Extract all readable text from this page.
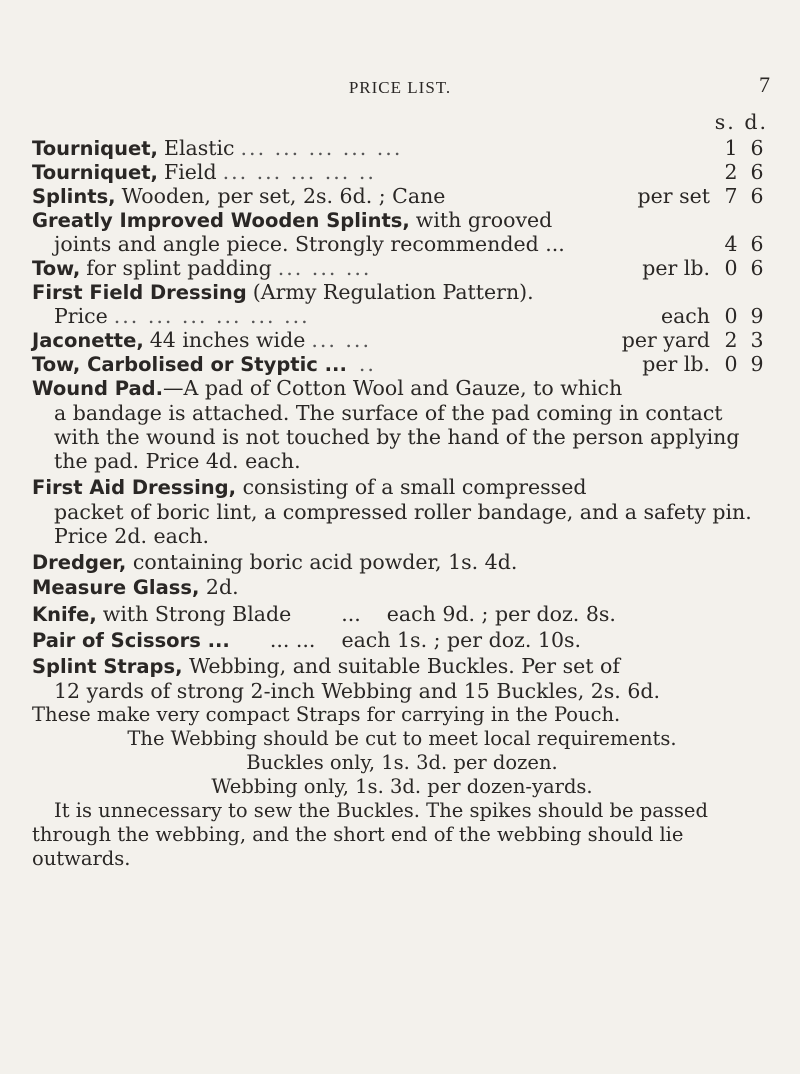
PRICE LIST.	7
s. d.
Tourniquet, Elastic ... ... ... ... ...	1 6
Tourniquet, Field ... ... ... ... ..	2 6
Splints, Wooden, per set, 2s. 6d. ; Cane	per set 7 6
Greatly Improved Wooden Splints, with grooved
joints and angle piece. Strongly recommended ...	4 6
Tow, for splint padding ... ... ...	per lb. 0 6
First Field Dressing (Army Regulation Pattern).
Price ... ... ... ... ... ...	each 0 9
Jaconette, 44 inches wide ... ...	per yard 2 3
Tow, Carbolised or Styptic ... ..	per lb. 0 9

Wound Pad.—A pad of Cotton Wool and Gauze, to which
a bandage is attached. The surface of the pad coming in contact with the wound is not touched by the hand of the person applying the pad. Price 4d. each.

First Aid Dressing, consisting of a small compressed
packet of boric lint, a compressed roller bandage, and a safety pin. Price 2d. each.

Dredger, containing boric acid powder, 1s. 4d.

Measure Glass, 2d.

Knife, with Strong Blade ... each 9d. ; per doz. 8s.
Pair of Scissors ... ... ... each 1s. ; per doz. 10s.

Splint Straps, Webbing, and suitable Buckles. Per set of
12 yards of strong 2-inch Webbing and 15 Buckles, 2s. 6d.

These make very compact Straps for carrying in the Pouch.

The Webbing should be cut to meet local requirements.

Buckles only, 1s. 3d. per dozen.

Webbing only, 1s. 3d. per dozen-yards.

It is unnecessary to sew the Buckles. The spikes should be passed through the webbing, and the short end of the webbing should lie outwards.
